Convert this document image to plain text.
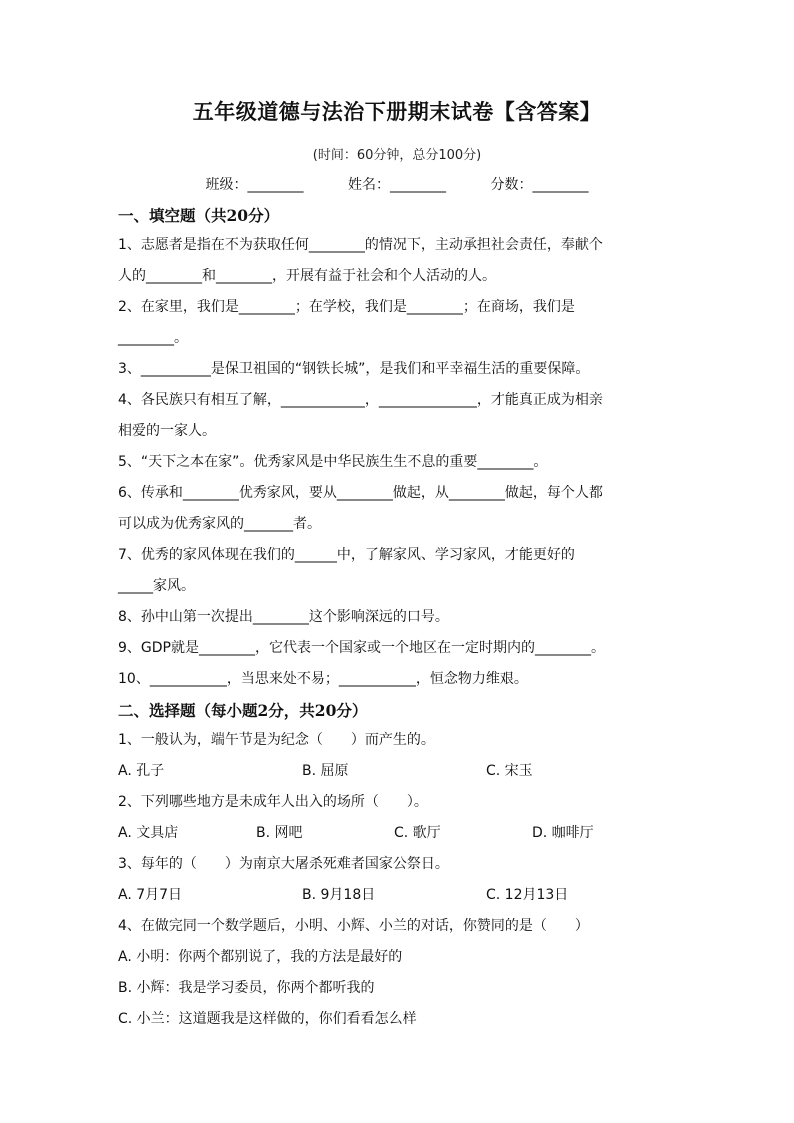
五年级道德与法治下册期末试卷【含答案】
(时间：60分钟，总分100分)
班级：________	姓名：________	分数：________
一、填空题（共20分）
1、志愿者是指在不为获取任何________的情况下，主动承担社会责任，奉献个
人的________和________，开展有益于社会和个人活动的人。
2、在家里，我们是________；在学校，我们是________；在商场，我们是
________。
3、__________是保卫祖国的“钢铁长城”，是我们和平幸福生活的重要保障。
4、各民族只有相互了解，____________，______________，才能真正成为相亲
相爱的一家人。
5、“天下之本在家”。优秀家风是中华民族生生不息的重要________。
6、传承和________优秀家风，要从________做起，从________做起，每个人都
可以成为优秀家风的_______者。
7、优秀的家风体现在我们的______中，了解家风、学习家风，才能更好的
_____家风。
8、孙中山第一次提出________这个影响深远的口号。
9、GDP就是________，它代表一个国家或一个地区在一定时期内的________。
10、___________，当思来处不易；___________，恒念物力维艰。
二、选择题（每小题2分，共20分）
1、一般认为，端午节是为纪念（　　）而产生的。
A. 孔子	B. 屈原	C. 宋玉
2、下列哪些地方是未成年人出入的场所（　　）。
A. 文具店	B. 网吧	C. 歌厅	D. 咖啡厅
3、每年的（　　）为南京大屠杀死难者国家公祭日。
A. 7月7日	B. 9月18日	C. 12月13日
4、在做完同一个数学题后，小明、小辉、小兰的对话，你赞同的是（　　）
A. 小明：你两个都别说了，我的方法是最好的
B. 小辉：我是学习委员，你两个都听我的
C. 小兰：这道题我是这样做的，你们看看怎么样
